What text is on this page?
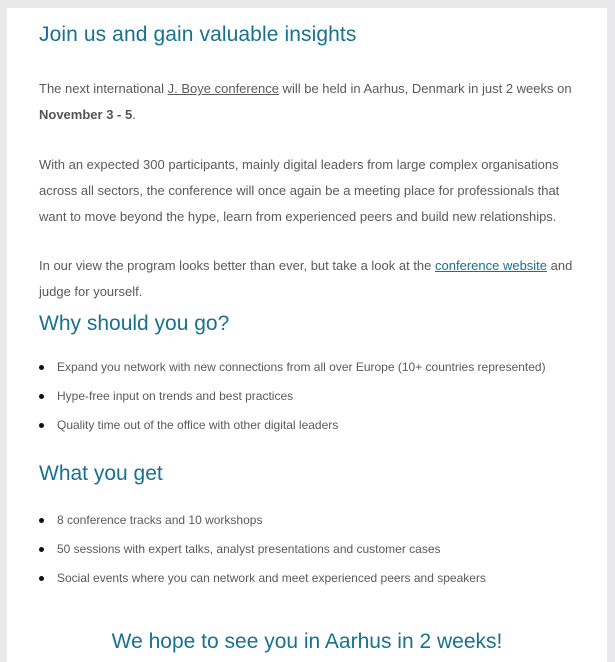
Join us and gain valuable insights

The next international J. Boye conference will be held in Aarhus, Denmark in just 2 weeks on November 3 - 5.

With an expected 300 participants, mainly digital leaders from large complex organisations across all sectors, the conference will once again be a meeting place for professionals that want to move beyond the hype, learn from experienced peers and build new relationships.

In our view the program looks better than ever, but take a look at the conference website and judge for yourself.

Why should you go?
Expand you network with new connections from all over Europe (10+ countries represented)
Hype-free input on trends and best practices
Quality time out of the office with other digital leaders
What you get
8 conference tracks and 10 workshops
50 sessions with expert talks, analyst presentations and customer cases
Social events where you can network and meet experienced peers and speakers
We hope to see you in Aarhus in 2 weeks!
